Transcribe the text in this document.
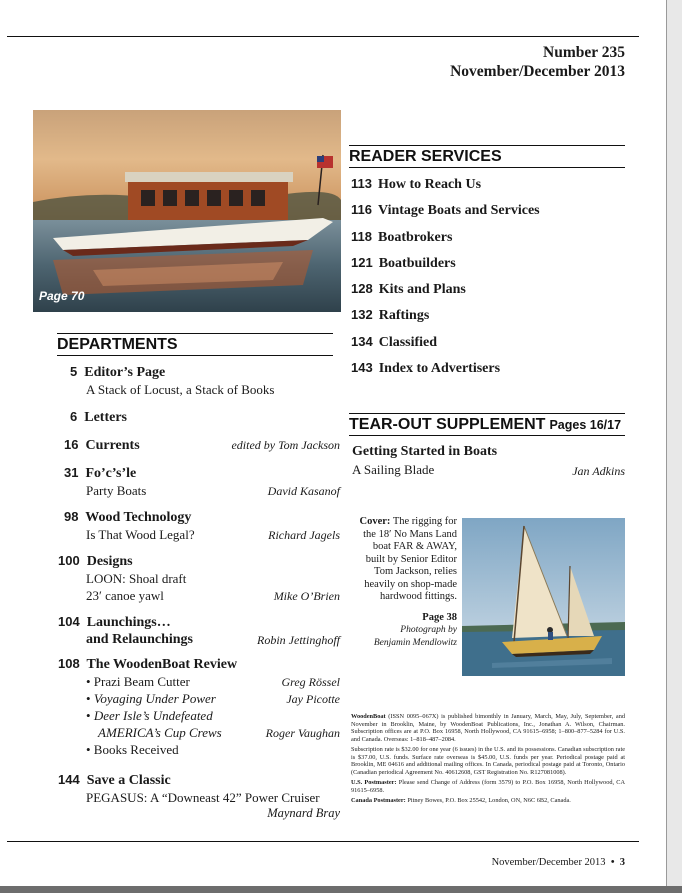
Number 235
November/December 2013
Page 70
READER SERVICES
113 How to Reach Us
116 Vintage Boats and Services
118 Boatbrokers
121 Boatbuilders
128 Kits and Plans
132 Raftings
134 Classified
143 Index to Advertisers
TEAR-OUT SUPPLEMENT Pages 16/17
Getting Started in Boats
A Sailing Blade	Jan Adkins
DEPARTMENTS
5 Editor’s Page
A Stack of Locust, a Stack of Books
6 Letters
16 Currents	edited by Tom Jackson
31 Fo’c’s’le
Party Boats	David Kasanof
98 Wood Technology
Is That Wood Legal?	Richard Jagels
100 Designs
LOON: Shoal draft
23′ canoe yawl	Mike O’Brien
104 Launchings…
and Relaunchings	Robin Jettinghoff
108 The WoodenBoat Review
• Prazi Beam Cutter	Greg Rössel
• Voyaging Under Power	Jay Picotte
• Deer Isle’s Undefeated
AMERICA’s Cup Crews	Roger Vaughan
• Books Received
144 Save a Classic
PEGASUS: A “Downeast 42” Power Cruiser
Maynard Bray
Cover: The rigging for the 18′ No Mans Land boat FAR & AWAY, built by Senior Editor Tom Jackson, relies heavily on shop-made hardwood fittings.
Page 38
Photograph by
Benjamin Mendlowitz

WoodenBoat (ISSN 0095–067X) is published bimonthly in January, March, May, July, September, and November in Brooklin, Maine, by WoodenBoat Publications, Inc., Jonathan A. Wilson, Chairman. Subscription offices are at P.O. Box 16958, North Hollywood, CA 91615–6958; 1–800–877–5284 for U.S. and Canada. Overseas: 1–818–487–2084.

Subscription rate is $32.00 for one year (6 issues) in the U.S. and its possessions. Canadian subscription rate is $37.00, U.S. funds. Surface rate overseas is $45.00, U.S. funds per year. Periodical postage paid at Brooklin, ME 04616 and additional mailing offices. In Canada, periodical postage paid at Toronto, Ontario (Canadian periodical Agreement No. 40612608, GST Registration No. R127081008).

U.S. Postmaster: Please send Change of Address (form 3579) to P.O. Box 16958, North Hollywood, CA 91615–6958.

Canada Postmaster: Pitney Bowes, P.O. Box 25542, London, ON, N6C 6B2, Canada.

November/December 2013 • 3
